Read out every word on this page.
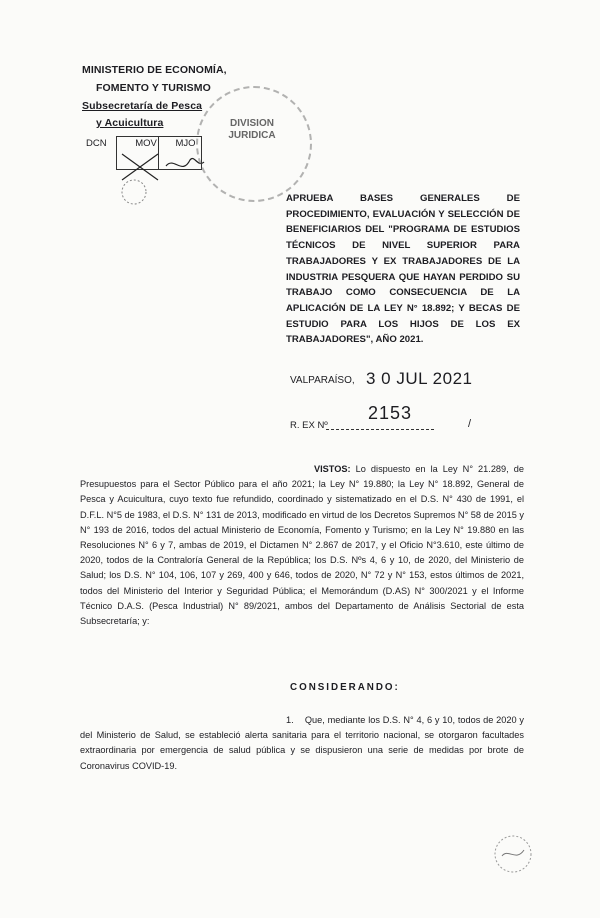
MINISTERIO DE ECONOMÍA,
FOMENTO Y TURISMO
Subsecretaría de Pesca
y Acuicultura
DCN	MOV MJO
DIVISION JURIDICA
APRUEBA BASES GENERALES DE PROCEDIMIENTO, EVALUACIÓN Y SELECCIÓN DE BENEFICIARIOS DEL "PROGRAMA DE ESTUDIOS TÉCNICOS DE NIVEL SUPERIOR PARA TRABAJADORES Y EX TRABAJADORES DE LA INDUSTRIA PESQUERA QUE HAYAN PERDIDO SU TRABAJO COMO CONSECUENCIA DE LA APLICACIÓN DE LA LEY N° 18.892; Y BECAS DE ESTUDIO PARA LOS HIJOS DE LOS EX TRABAJADORES", AÑO 2021.
VALPARAÍSO, 3 0 JUL 2021
R. EX Nº
2153
/
VISTOS: Lo dispuesto en la Ley N° 21.289, de Presupuestos para el Sector Público para el año 2021; la Ley N° 19.880; la Ley N° 18.892, General de Pesca y Acuicultura, cuyo texto fue refundido, coordinado y sistematizado en el D.S. N° 430 de 1991, el D.F.L. N°5 de 1983, el D.S. N° 131 de 2013, modificado en virtud de los Decretos Supremos N° 58 de 2015 y N° 193 de 2016, todos del actual Ministerio de Economía, Fomento y Turismo; en la Ley N° 19.880 en las Resoluciones N° 6 y 7, ambas de 2019, el Dictamen N° 2.867 de 2017, y el Oficio N°3.610, este último de 2020, todos de la Contraloría General de la República; los D.S. Nºs 4, 6 y 10, de 2020, del Ministerio de Salud; los D.S. N° 104, 106, 107 y 269, 400 y 646, todos de 2020, N° 72 y N° 153, estos últimos de 2021, todos del Ministerio del Interior y Seguridad Pública; el Memorándum (D.AS) N° 300/2021 y el Informe Técnico D.A.S. (Pesca Industrial) N° 89/2021, ambos del Departamento de Análisis Sectorial de esta Subsecretaría; y:
CONSIDERANDO:
1. Que, mediante los D.S. N° 4, 6 y 10, todos de 2020 y del Ministerio de Salud, se estableció alerta sanitaria para el territorio nacional, se otorgaron facultades extraordinaria por emergencia de salud pública y se dispusieron una serie de medidas por brote de Coronavirus COVID-19.
